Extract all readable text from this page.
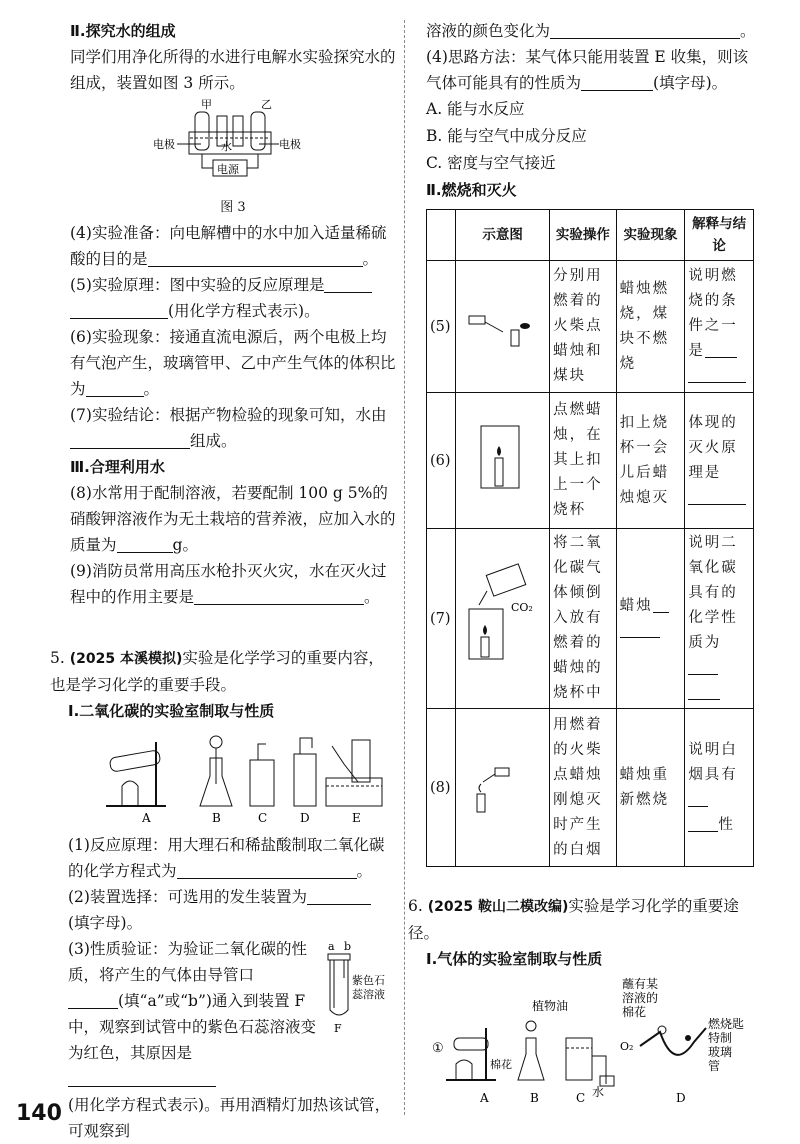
Ⅱ.探究水的组成

同学们用净化所得的水进行电解水实验探究水的组成，装置如图 3 所示。

甲	乙
水
电极	电极
电源
图 3

(4)实验准备：向电解槽中的水中加入适量稀硫酸的目的是	。

(5)实验原理：图中实验的反应原理是
(用化学方程式表示)。

(6)实验现象：接通直流电源后，两个电极上均有气泡产生，玻璃管甲、乙中产生气体的体积比为	。

(7)实验结论：根据产物检验的现象可知，水由
组成。

Ⅲ.合理利用水

(8)水常用于配制溶液，若要配制 100 g 5%的硝酸钾溶液作为无土栽培的营养液，应加入水的质量为	g。

(9)消防员常用高压水枪扑灭火灾，水在灭火过程中的作用主要是	。

5. (2025 本溪模拟)实验是化学学习的重要内容，也是学习化学的重要手段。

Ⅰ.二氧化碳的实验室制取与性质
A	B	C	D	E

(1)反应原理：用大理石和稀盐酸制取二氧化碳的化学方程式为	。

(2)装置选择：可选用的发生装置为
(填字母)。

a b
紫色石
蕊溶液
F

(3)性质验证：为验证二氧化碳的性质，将产生的气体由导管口
(填“a”或“b”)通入到装置 F 中，观察到试管中的紫色石蕊溶液变为红色，其原因是

(用化学方程式表示)。再用酒精灯加热该试管，可观察到

溶液的颜色变化为	。

(4)思路方法：某气体只能用装置 E 收集，则该气体可能具有的性质为	(填字母)。

A. 能与水反应

B. 能与空气中成分反应

C. 密度与空气接近

Ⅱ.燃烧和灭火
	示意图	实验操作	实验现象	解释与结论
(5)		分别用燃着的火柴点蜡烛和煤块	蜡烛燃烧，煤块不燃烧	说明燃烧的条件之一是

(6)		点燃蜡烛，在其上扣上一个烧杯	扣上烧杯一会儿后蜡烛熄灭	体现的灭火原理是

(7)	CO₂	将二氧化碳气体倾倒入放有燃着的蜡烛的烧杯中	蜡烛	说明二氧化碳具有的化学性质为

(8)		用燃着的火柴点蜡烛刚熄灭时产生的白烟	蜡烛重新燃烧	说明白烟具有
性

6. (2025 鞍山二模改编)实验是学习化学的重要途径。

Ⅰ.气体的实验室制取与性质
①
棉花
植物油
水
蘸有某
溶液的
棉花
O₂
燃烧匙
特制
玻璃
管
A	B	C	D
140
